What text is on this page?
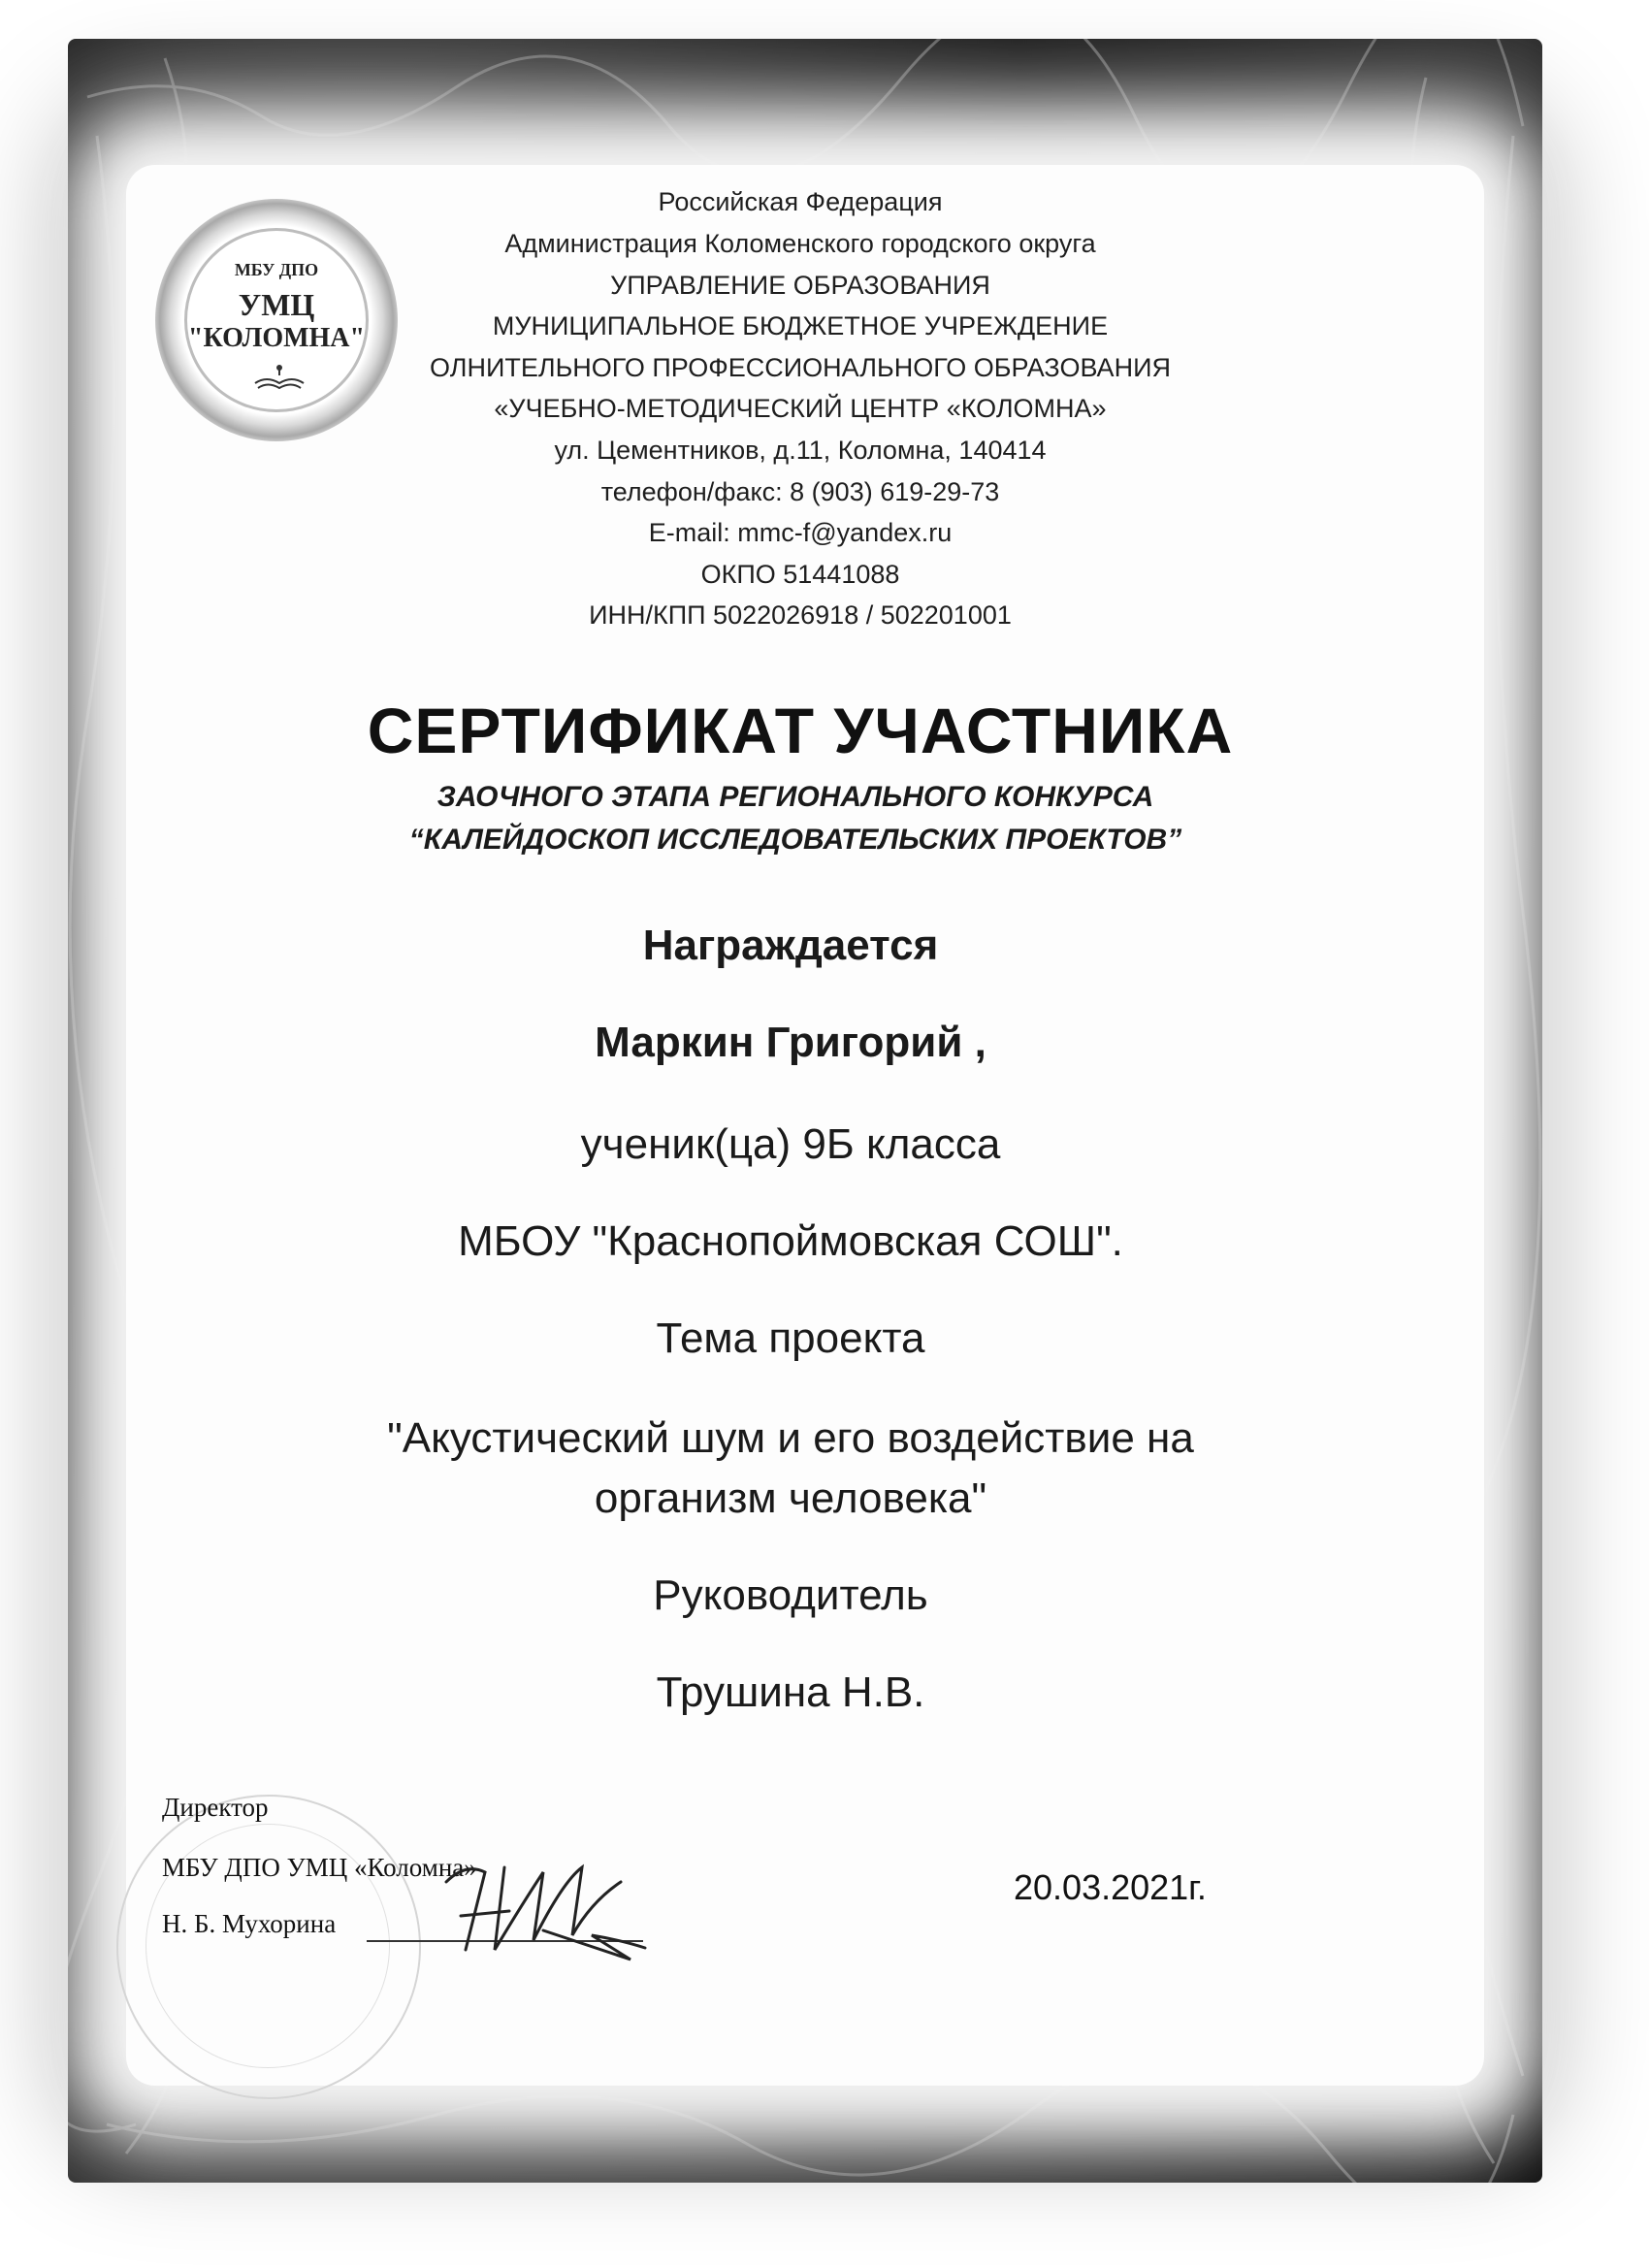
МБУ ДПО
УМЦ
"КОЛОМНА"
Российская Федерация
Администрация Коломенского городского округа
УПРАВЛЕНИЕ ОБРАЗОВАНИЯ
МУНИЦИПАЛЬНОЕ БЮДЖЕТНОЕ УЧРЕЖДЕНИЕ
ОЛНИТЕЛЬНОГО ПРОФЕССИОНАЛЬНОГО ОБРАЗОВАНИЯ
«УЧЕБНО-МЕТОДИЧЕСКИЙ ЦЕНТР «КОЛОМНА»
ул. Цементников, д.11, Коломна, 140414
телефон/факс: 8 (903) 619-29-73
E-mail: mmc-f@yandex.ru
ОКПО 51441088
ИНН/КПП 5022026918 / 502201001
СЕРТИФИКАТ УЧАСТНИКА
ЗАОЧНОГО ЭТАПА РЕГИОНАЛЬНОГО КОНКУРСА
“КАЛЕЙДОСКОП ИССЛЕДОВАТЕЛЬСКИХ ПРОЕКТОВ”
Награждается
Маркин Григорий ,
ученик(ца) 9Б класса
МБОУ "Краснопоймовская СОШ".
Тема проекта
"Акустический шум и его воздействие на
организм человека"
Руководитель
Трушина Н.В.
Директор
МБУ ДПО УМЦ «Коломна»
Н. Б. Мухорина
20.03.2021г.
